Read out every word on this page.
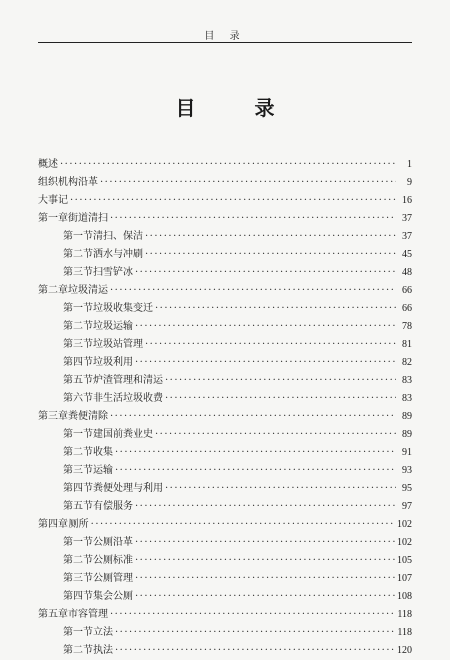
目 录
目 录
概述 ·····	1
组织机构沿革 ·····	9
大事记 ·····	16
第一章 街道清扫 ·····	37
第一节 清扫、保洁 ·····	37
第二节 洒水与冲刷 ·····	45
第三节 扫雪铲冰 ·····	48
第二章 垃圾清运 ·····	66
第一节 垃圾收集变迁 ·····	66
第二节 垃圾运输 ·····	78
第三节 垃圾站管理 ·····	81
第四节 垃圾利用 ·····	82
第五节 炉渣管理和清运 ·····	83
第六节 非生活垃圾收费 ·····	83
第三章 粪便清除 ·····	89
第一节 建国前粪业史 ·····	89
第二节 收集 ·····	91
第三节 运输 ·····	93
第四节 粪便处理与利用 ·····	95
第五节 有偿服务 ·····	97
第四章 厕所 ·····	102
第一节 公厕沿革 ·····	102
第二节 公厕标准 ·····	105
第三节 公厕管理 ·····	107
第四节 集会公厕 ·····	108
第五章 市容管理 ·····	118
第一节 立法 ·····	118
第二节 执法 ·····	120
